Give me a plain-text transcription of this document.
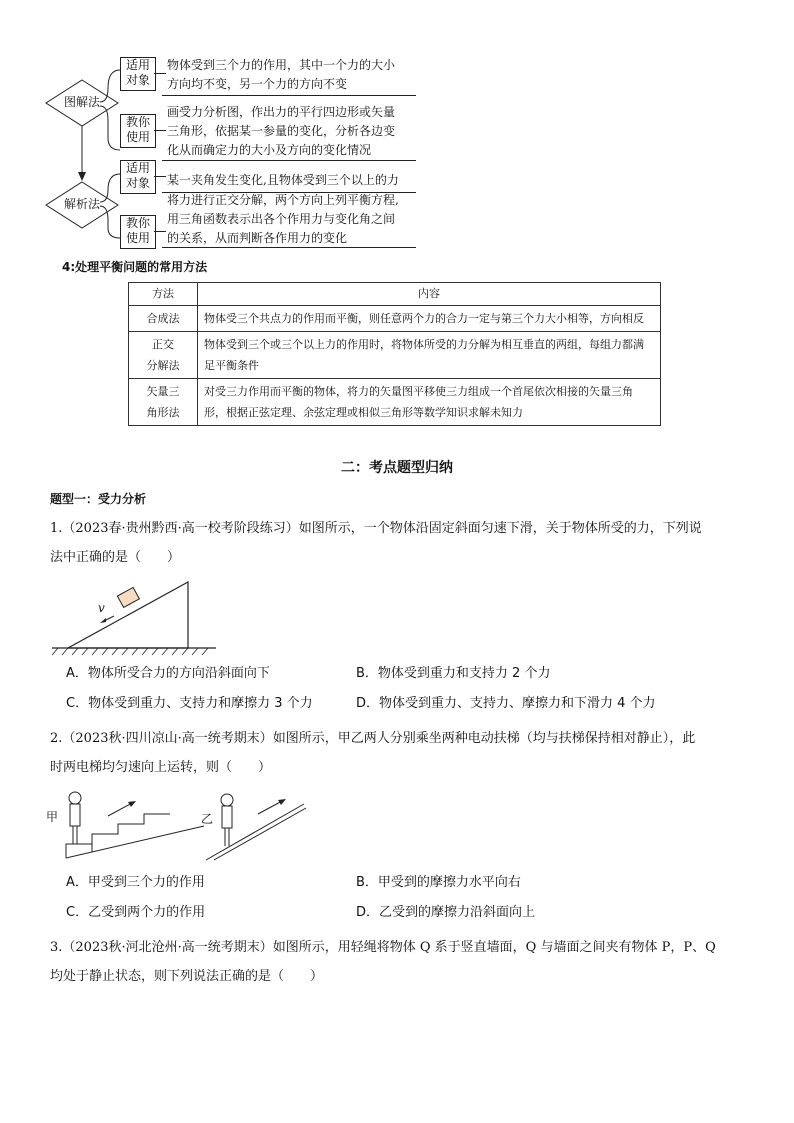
图解法
解析法
适用
对象
教你
使用
适用
对象
教你
使用
物体受到三个力的作用，其中一个力的大小
方向均不变，另一个力的方向不变
画受力分析图，作出力的平行四边形或矢量
三角形，依据某一参量的变化，分析各边变
化从而确定力的大小及方向的变化情况
某一夹角发生变化,且物体受到三个以上的力
将力进行正交分解，两个方向上列平衡方程,
用三角函数表示出各个作用力与变化角之间
的关系，从而判断各作用力的变化
4:处理平衡问题的常用方法
方法	内容
合成法	物体受三个共点力的作用而平衡，则任意两个力的合力一定与第三个力大小相等，方向相反

正交
分解法	物体受到三个或三个以上力的作用时，将物体所受的力分解为相互垂直的两组，每组力都满足平衡条件

矢量三
角形法	对受三力作用而平衡的物体，将力的矢量图平移使三力组成一个首尾依次相接的矢量三角形，根据正弦定理、余弦定理或相似三角形等数学知识求解未知力
二：考点题型归纳
题型一：受力分析
1.（2023春·贵州黔西·高一校考阶段练习）如图所示，一个物体沿固定斜面匀速下滑，关于物体所受的力，下列说
法中正确的是（　　）
v
A．物体所受合力的方向沿斜面向下	B．物体受到重力和支持力 2 个力
C．物体受到重力、支持力和摩擦力 3 个力	D．物体受到重力、支持力、摩擦力和下滑力 4 个力
2.（2023秋·四川凉山·高一统考期末）如图所示，甲乙两人分别乘坐两种电动扶梯（均与扶梯保持相对静止），此
时两电梯均匀速向上运转，则（　　）
甲	乙
A．甲受到三个力的作用	B．甲受到的摩擦力水平向右
C．乙受到两个力的作用	D．乙受到的摩擦力沿斜面向上
3.（2023秋·河北沧州·高一统考期末）如图所示，用轻绳将物体 Q 系于竖直墙面，Q 与墙面之间夹有物体 P，P、Q
均处于静止状态，则下列说法正确的是（　　）
